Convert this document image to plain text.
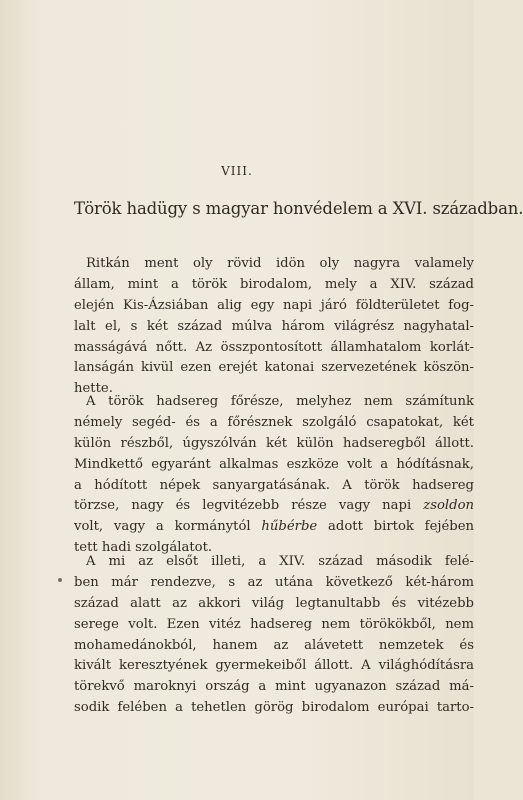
VIII.
Török hadügy s magyar honvédelem a XVI. században.
Ritkán ment oly rövid idön oly nagyra valamely
állam, mint a török birodalom, mely a XIV. század
elején Kis-Ázsiában alig egy napi járó földterületet fog-
lalt el, s két század múlva három világrész nagyhatal-
masságává nőtt. Az összpontosított államhatalom korlát-
lanságán kivül ezen erejét katonai szervezetének köszön-
hette.
A török hadsereg főrésze, melyhez nem számítunk
némely segéd- és a főrésznek szolgáló csapatokat, két
külön részből, úgyszólván két külön hadseregből állott.
Mindkettő egyaránt alkalmas eszköze volt a hódításnak,
a hódított népek sanyargatásának. A török hadsereg
törzse, nagy és legvitézebb része vagy napi zsoldon
volt, vagy a kormánytól hűbérbe adott birtok fejében
tett hadi szolgálatot.
A mi az elsőt illeti, a XIV. század második felé-
ben már rendezve, s az utána következő két-három
század alatt az akkori világ legtanultabb és vitézebb
serege volt. Ezen vitéz hadsereg nem törökökből, nem
mohamedánokból, hanem az alávetett nemzetek és
kivált keresztyének gyermekeiből állott. A világhódításra
törekvő maroknyi ország a mint ugyanazon század má-
sodik felében a tehetlen görög birodalom európai tarto-
